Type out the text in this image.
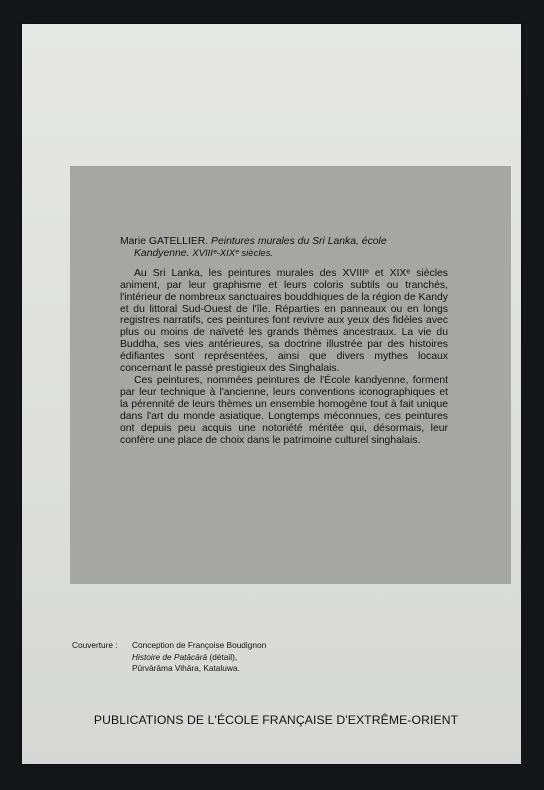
Marie GATELLIER. Peintures murales du Sri Lanka, école
Kandyenne. XVIIIᵉ-XIXᵉ siècles.

Au Sri Lanka, les peintures murales des XVIIIᵉ et XIXᵉ siècles animent, par leur graphisme et leurs coloris subtils ou tranchés, l'intérieur de nombreux sanctuaires bouddhiques de la région de Kandy et du littoral Sud-Ouest de l'île. Réparties en panneaux ou en longs registres narratifs, ces peintures font revivre aux yeux des fidèles avec plus ou moins de naïveté les grands thèmes ancestraux. La vie du Buddha, ses vies antérieures, sa doctrine illustrée par des histoires édifiantes sont représentées, ainsi que divers mythes locaux concernant le passé prestigieux des Singhalais.

Ces peintures, nommées peintures de l'École kandyenne, forment par leur technique à l'ancienne, leurs conventions iconographiques et la pérennité de leurs thèmes un ensemble homogène tout à fait unique dans l'art du monde asiatique. Longtemps méconnues, ces peintures ont depuis peu acquis une notoriété méritée qui, désormais, leur confère une place de choix dans le patrimoine culturel singhalais.

Couverture :	Conception de Françoise Boudignon
Histoire de Paṭācārā (détail),
Pūrvārāma Vihāra, Kataluwa.
PUBLICATIONS DE L'ÉCOLE FRANÇAISE D'EXTRÊME-ORIENT
